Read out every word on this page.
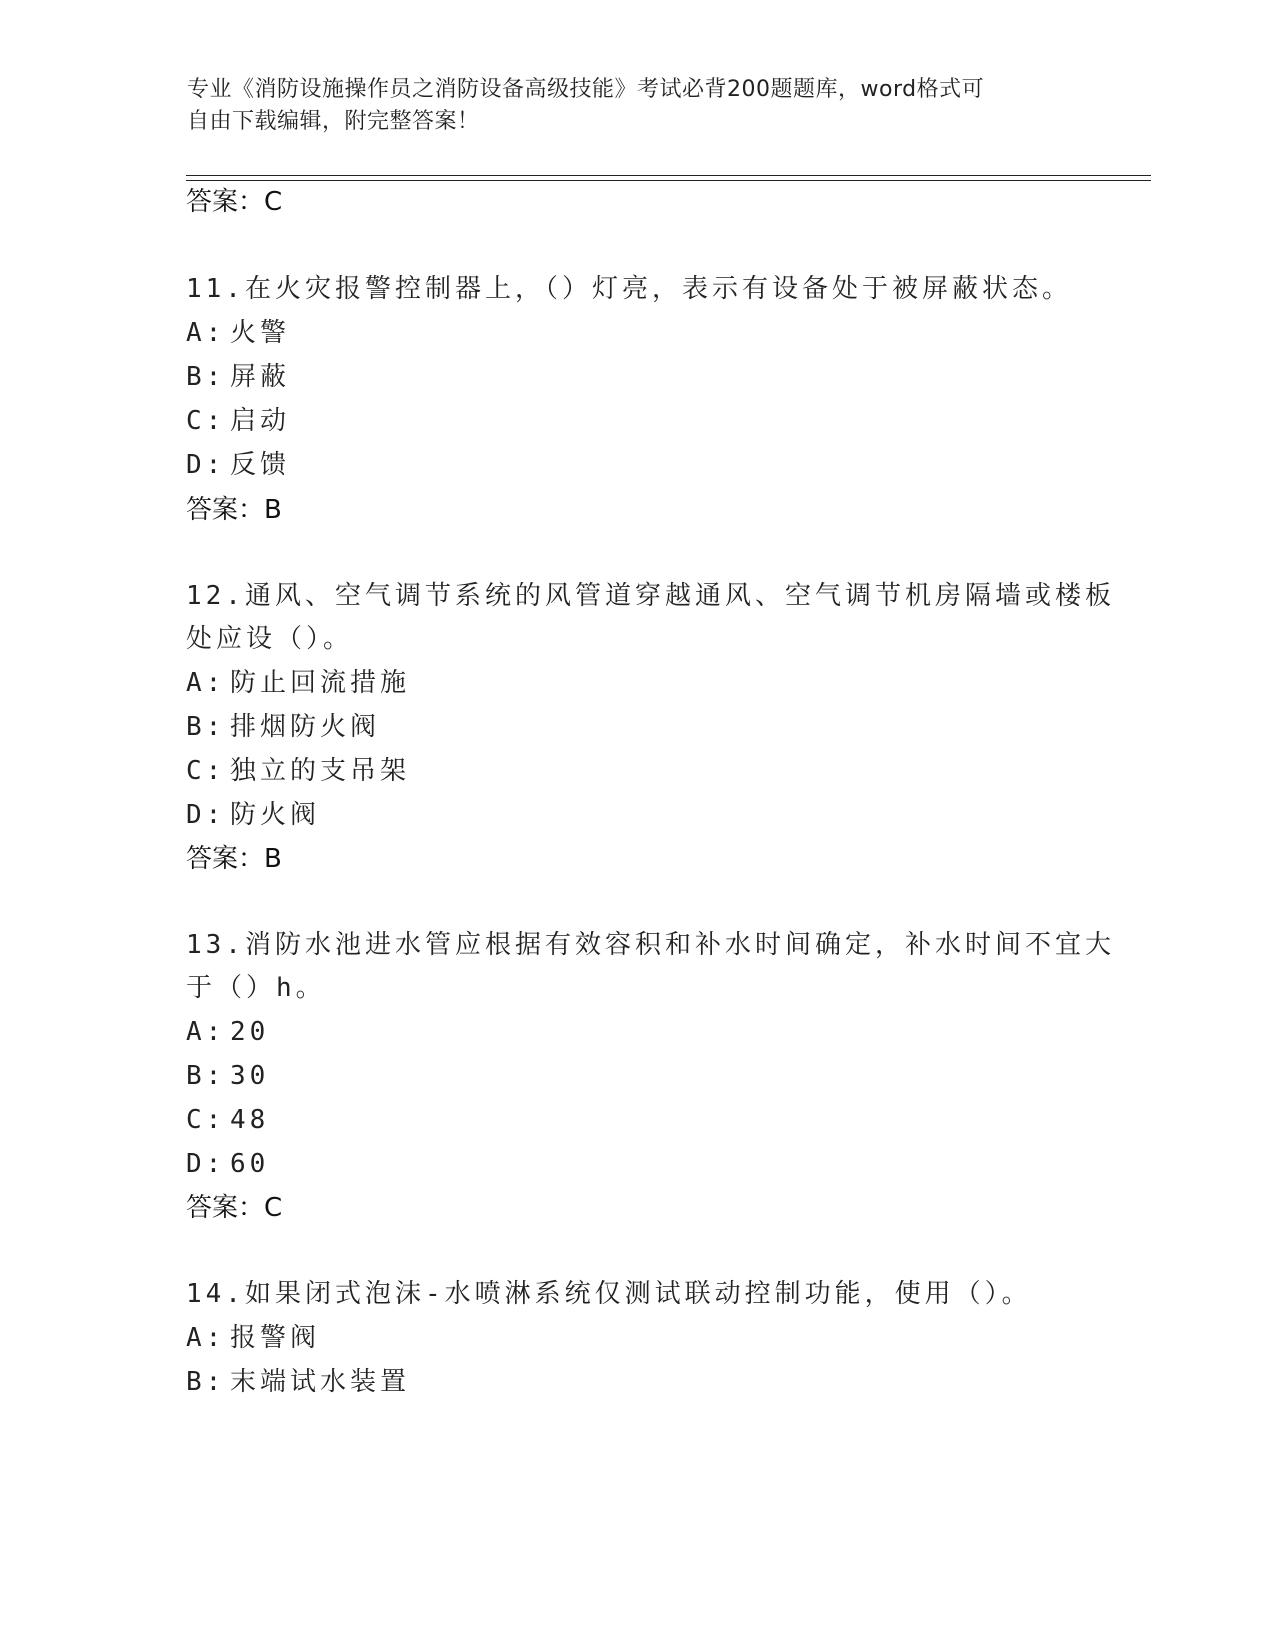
专业《消防设施操作员之消防设备高级技能》考试必背200题题库，word格式可
自由下载编辑，附完整答案！
答案：C
11.在火灾报警控制器上，（）灯亮，表示有设备处于被屏蔽状态。
A: 火警
B: 屏蔽
C: 启动
D: 反馈
答案：B
12.通风、空气调节系统的风管道穿越通风、空气调节机房隔墙或楼板
处应设（）。
A: 防止回流措施
B: 排烟防火阀
C: 独立的支吊架
D: 防火阀
答案：B
13.消防水池进水管应根据有效容积和补水时间确定，补水时间不宜大
于（）h。
A: 20
B: 30
C: 48
D: 60
答案：C
14.如果闭式泡沫-水喷淋系统仅测试联动控制功能，使用（）。
A: 报警阀
B: 末端试水装置
